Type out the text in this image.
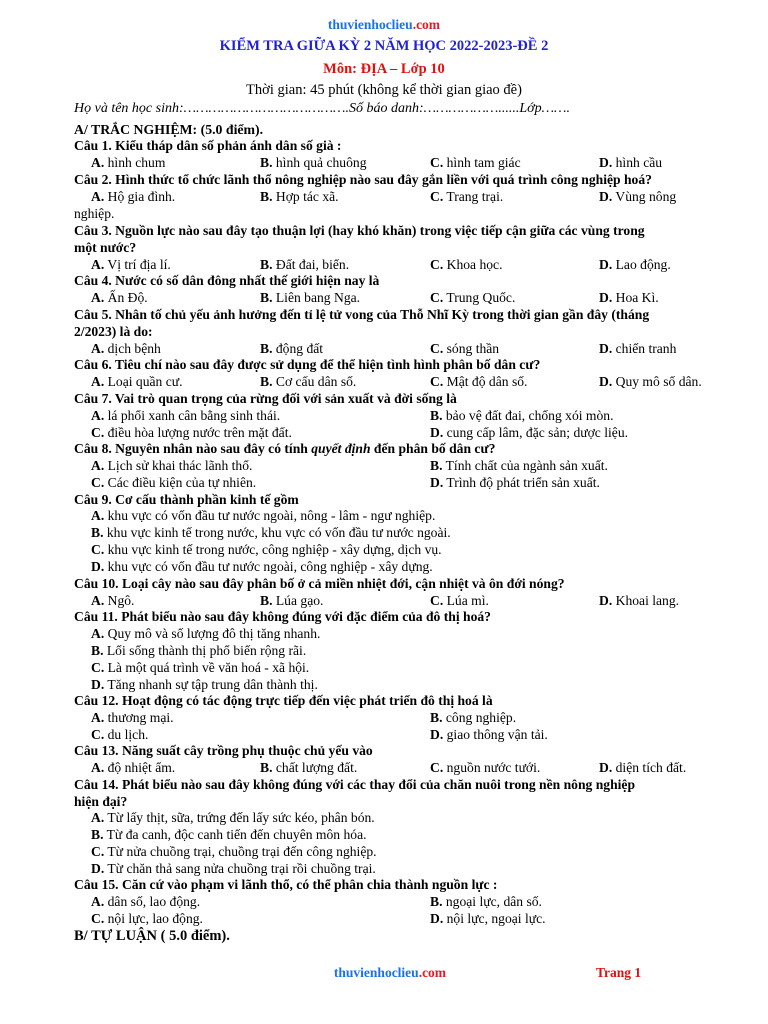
thuvienhoclieu.com
KIỂM TRA GIỮA KỲ 2 NĂM HỌC 2022-2023-ĐỀ 2
Môn: ĐỊA – Lớp 10
Thời gian: 45 phút (không kể thời gian giao đề)
Họ và tên học sinh:………………………………….Số báo danh:………………......Lớp…….
A/ TRẮC NGHIỆM: (5.0 điểm).
Câu 1. Kiểu tháp dân số phản ánh dân số già :
A. hình chum	B. hình quả chuông	C. hình tam giác	D. hình cầu
Câu 2. Hình thức tổ chức lãnh thổ nông nghiệp nào sau đây gắn liền với quá trình công nghiệp hoá?
A. Hộ gia đình.	B. Hợp tác xã.	C. Trang trại.	D. Vùng nông
nghiệp.
Câu 3. Nguồn lực nào sau đây tạo thuận lợi (hay khó khăn) trong việc tiếp cận giữa các vùng trong
một nước?
A. Vị trí địa lí.	B. Đất đai, biển.	C. Khoa học.	D. Lao động.
Câu 4. Nước có số dân đông nhất thế giới hiện nay là
A. Ấn Độ.	B. Liên bang Nga.	C. Trung Quốc.	D. Hoa Kì.
Câu 5. Nhân tố chủ yếu ảnh hưởng đến tỉ lệ tử vong của Thỗ Nhĩ Kỳ trong thời gian gần đây (tháng
2/2023) là do:
A. dịch bệnh	B. động đất	C. sóng thần	D. chiến tranh
Câu 6. Tiêu chí nào sau đây được sử dụng để thể hiện tình hình phân bố dân cư?
A. Loại quần cư.	B. Cơ cấu dân số.	C. Mật độ dân số.	D. Quy mô số dân.
Câu 7. Vai trò quan trọng của rừng đối với sản xuất và đời sống là
A. lá phổi xanh cân bằng sinh thái.	B. bảo vệ đất đai, chống xói mòn.
C. điều hòa lượng nước trên mặt đất.	D. cung cấp lâm, đặc sản; dược liệu.
Câu 8. Nguyên nhân nào sau đây có tính quyết định đến phân bố dân cư?
A. Lịch sử khai thác lãnh thổ.	B. Tính chất của ngành sản xuất.
C. Các điều kiện của tự nhiên.	D. Trình độ phát triển sản xuất.
Câu 9. Cơ cấu thành phần kinh tế gồm
A. khu vực có vốn đầu tư nước ngoài, nông - lâm - ngư nghiệp.
B. khu vực kinh tế trong nước, khu vực có vốn đầu tư nước ngoài.
C. khu vực kinh tế trong nước, công nghiệp - xây dựng, dịch vụ.
D. khu vực có vốn đầu tư nước ngoài, công nghiệp - xây dựng.
Câu 10. Loại cây nào sau đây phân bố ở cả miền nhiệt đới, cận nhiệt và ôn đới nóng?
A. Ngô.	B. Lúa gạo.	C. Lúa mì.	D. Khoai lang.
Câu 11. Phát biểu nào sau đây không đúng với đặc điểm của đô thị hoá?
A. Quy mô và số lượng đô thị tăng nhanh.
B. Lối sống thành thị phổ biến rộng rãi.
C. Là một quá trình về văn hoá - xã hội.
D. Tăng nhanh sự tập trung dân thành thị.
Câu 12. Hoạt động có tác động trực tiếp đến việc phát triển đô thị hoá là
A. thương mại.	B. công nghiệp.
C. du lịch.	D. giao thông vận tải.
Câu 13. Năng suất cây trồng phụ thuộc chủ yếu vào
A. độ nhiệt ẩm.	B. chất lượng đất.	C. nguồn nước tưới.	D. diện tích đất.
Câu 14. Phát biểu nào sau đây không đúng với các thay đổi của chăn nuôi trong nền nông nghiệp
hiện đại?
A. Từ lấy thịt, sữa, trứng đến lấy sức kéo, phân bón.
B. Từ đa canh, độc canh tiến đến chuyên môn hóa.
C. Từ nửa chuồng trại, chuồng trại đến công nghiệp.
D. Từ chăn thả sang nửa chuồng trại rồi chuồng trại.
Câu 15. Căn cứ vào phạm vi lãnh thổ, có thể phân chia thành nguồn lực :
A. dân số, lao động.	B. ngoại lực, dân số.
C. nội lực, lao động.	D. nội lực, ngoại lực.
B/ TỰ LUẬN ( 5.0 điểm).
thuvienhoclieu.com	Trang 1
